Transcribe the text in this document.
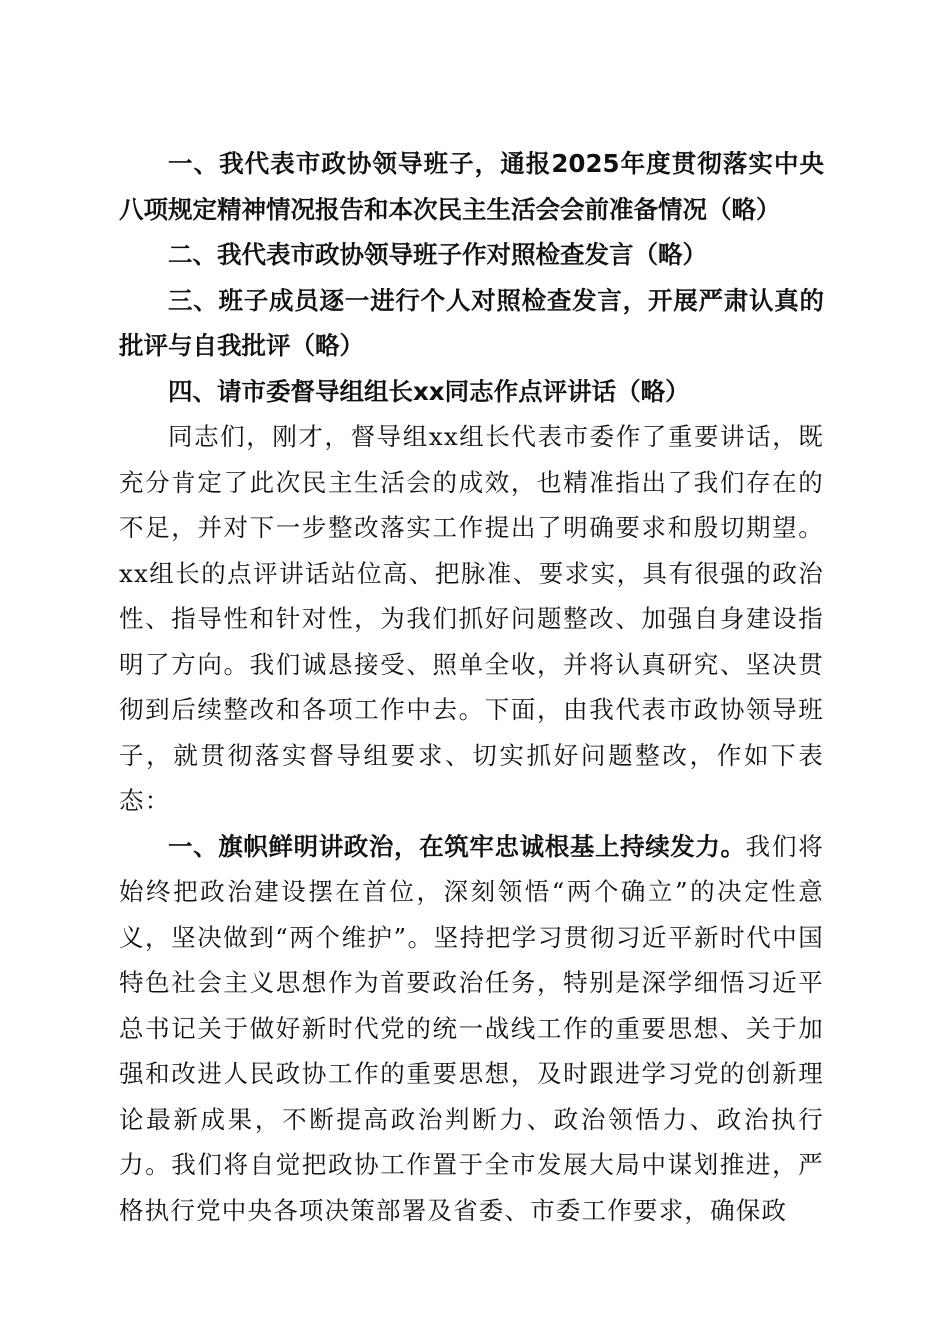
一、我代表市政协领导班子，通报2025年度贯彻落实中央八项规定精神情况报告和本次民主生活会会前准备情况（略）

二、我代表市政协领导班子作对照检查发言（略）

三、班子成员逐一进行个人对照检查发言，开展严肃认真的批评与自我批评（略）

四、请市委督导组组长xx同志作点评讲话（略）

同志们，刚才，督导组xx组长代表市委作了重要讲话，既充分肯定了此次民主生活会的成效，也精准指出了我们存在的不足，并对下一步整改落实工作提出了明确要求和殷切期望。xx组长的点评讲话站位高、把脉准、要求实，具有很强的政治性、指导性和针对性，为我们抓好问题整改、加强自身建设指明了方向。我们诚恳接受、照单全收，并将认真研究、坚决贯彻到后续整改和各项工作中去。下面，由我代表市政协领导班子，就贯彻落实督导组要求、切实抓好问题整改，作如下表态：

一、旗帜鲜明讲政治，在筑牢忠诚根基上持续发力。我们将始终把政治建设摆在首位，深刻领悟“两个确立”的决定性意义，坚决做到“两个维护”。坚持把学习贯彻习近平新时代中国特色社会主义思想作为首要政治任务，特别是深学细悟习近平总书记关于做好新时代党的统一战线工作的重要思想、关于加强和改进人民政协工作的重要思想，及时跟进学习党的创新理论最新成果，不断提高政治判断力、政治领悟力、政治执行力。我们将自觉把政协工作置于全市发展大局中谋划推进，严格执行党中央各项决策部署及省委、市委工作要求，确保政
